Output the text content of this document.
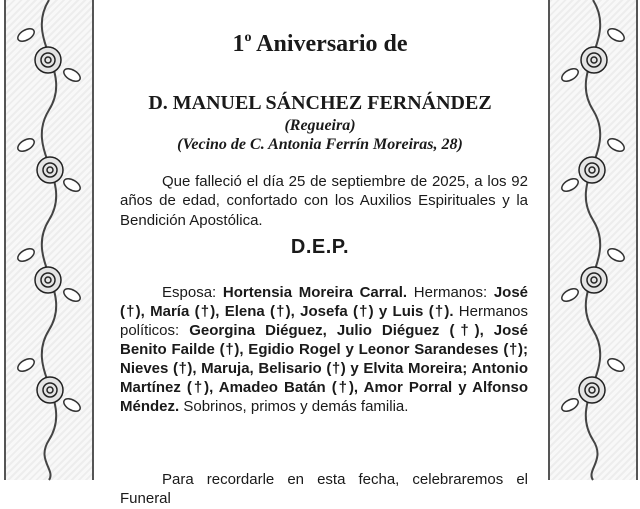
1$^o$ Aniversario de
D. MANUEL SÁNCHEZ FERNÁNDEZ
(Regueira)
(Vecino de C. Antonia Ferrín Moreiras, 28)

Que falleció el día 25 de septiembre de 2025, a los 92 años de edad, confortado con los Auxilios Espirituales y la Bendición Apostólica.

D.E.P.

Esposa: Hortensia Moreira Carral. Hermanos: José (†), María (†), Elena (†), Josefa (†) y Luis (†). Hermanos políticos: Georgina Diéguez, Julio Diéguez (†), José Benito Failde (†), Egidio Rogel y Leonor Sarandeses (†); Nieves (†), Maruja, Belisario (†) y Elvita Moreira; Antonio Martínez (†), Amadeo Batán (†), Amor Porral y Alfonso Méndez. Sobrinos, primos y demás familia.

Para recordarle en esta fecha, celebraremos el Funeral
